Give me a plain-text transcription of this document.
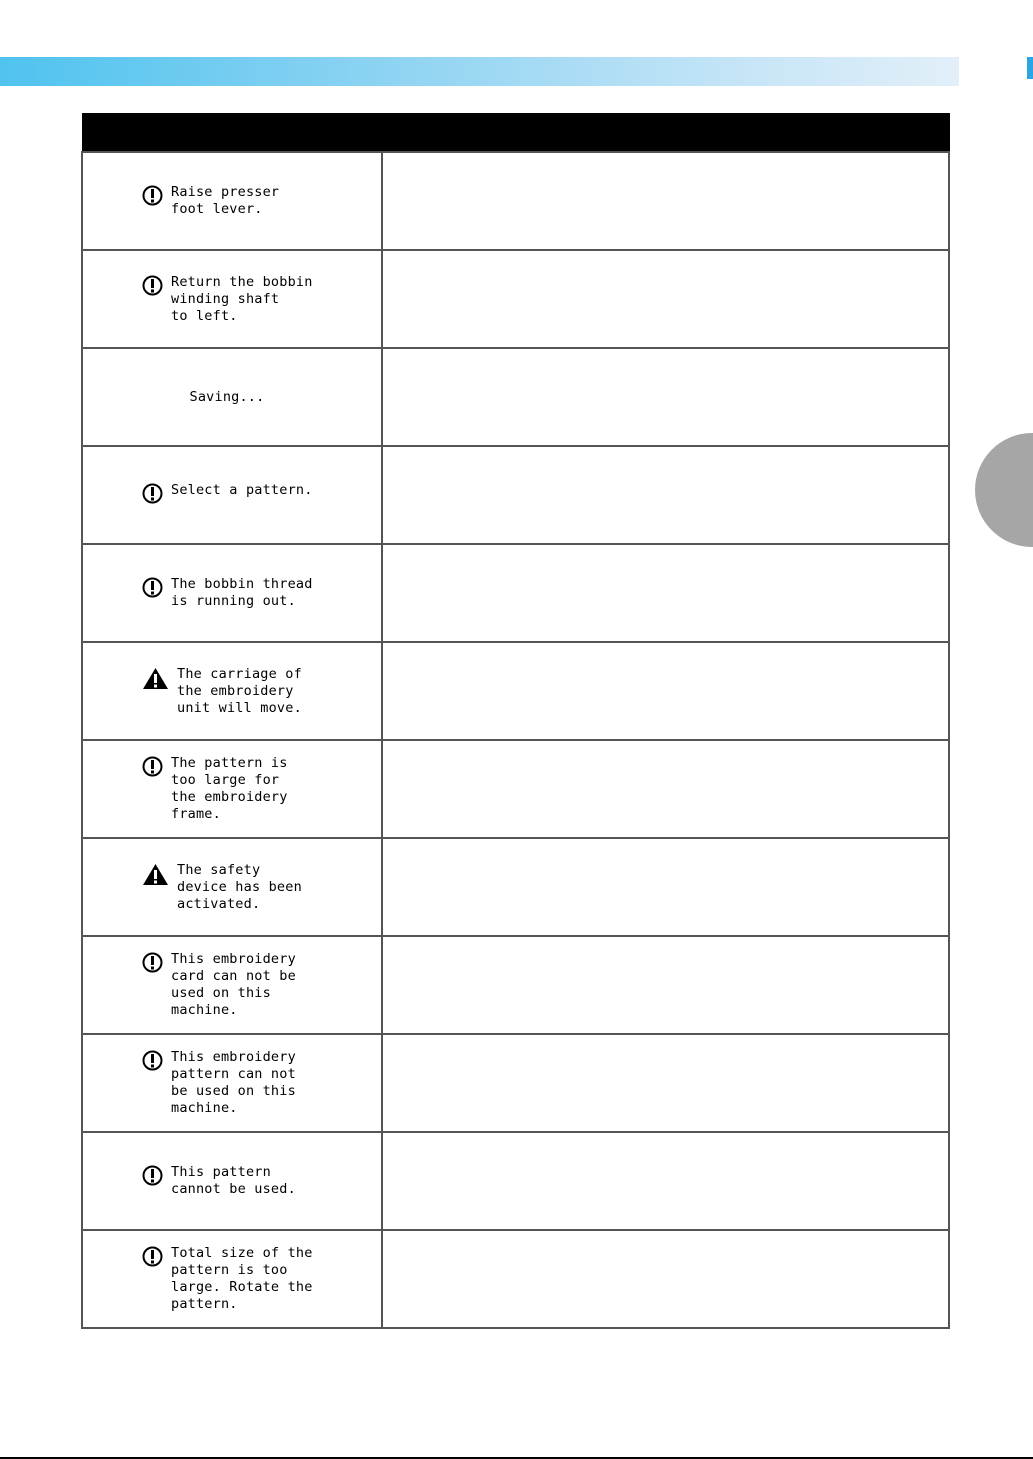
Raise presser
foot lever.	

Return the bobbin
winding shaft
to left.	

Saving...	

Select a pattern.	

The bobbin thread
is running out.	

The carriage of
the embroidery
unit will move.	

The pattern is
too large for
the embroidery
frame.	

The safety
device has been
activated.	

This embroidery
card can not be
used on this
machine.	

This embroidery
pattern can not
be used on this
machine.	

This pattern
cannot be used.	

Total size of the
pattern is too
large. Rotate the
pattern.	
